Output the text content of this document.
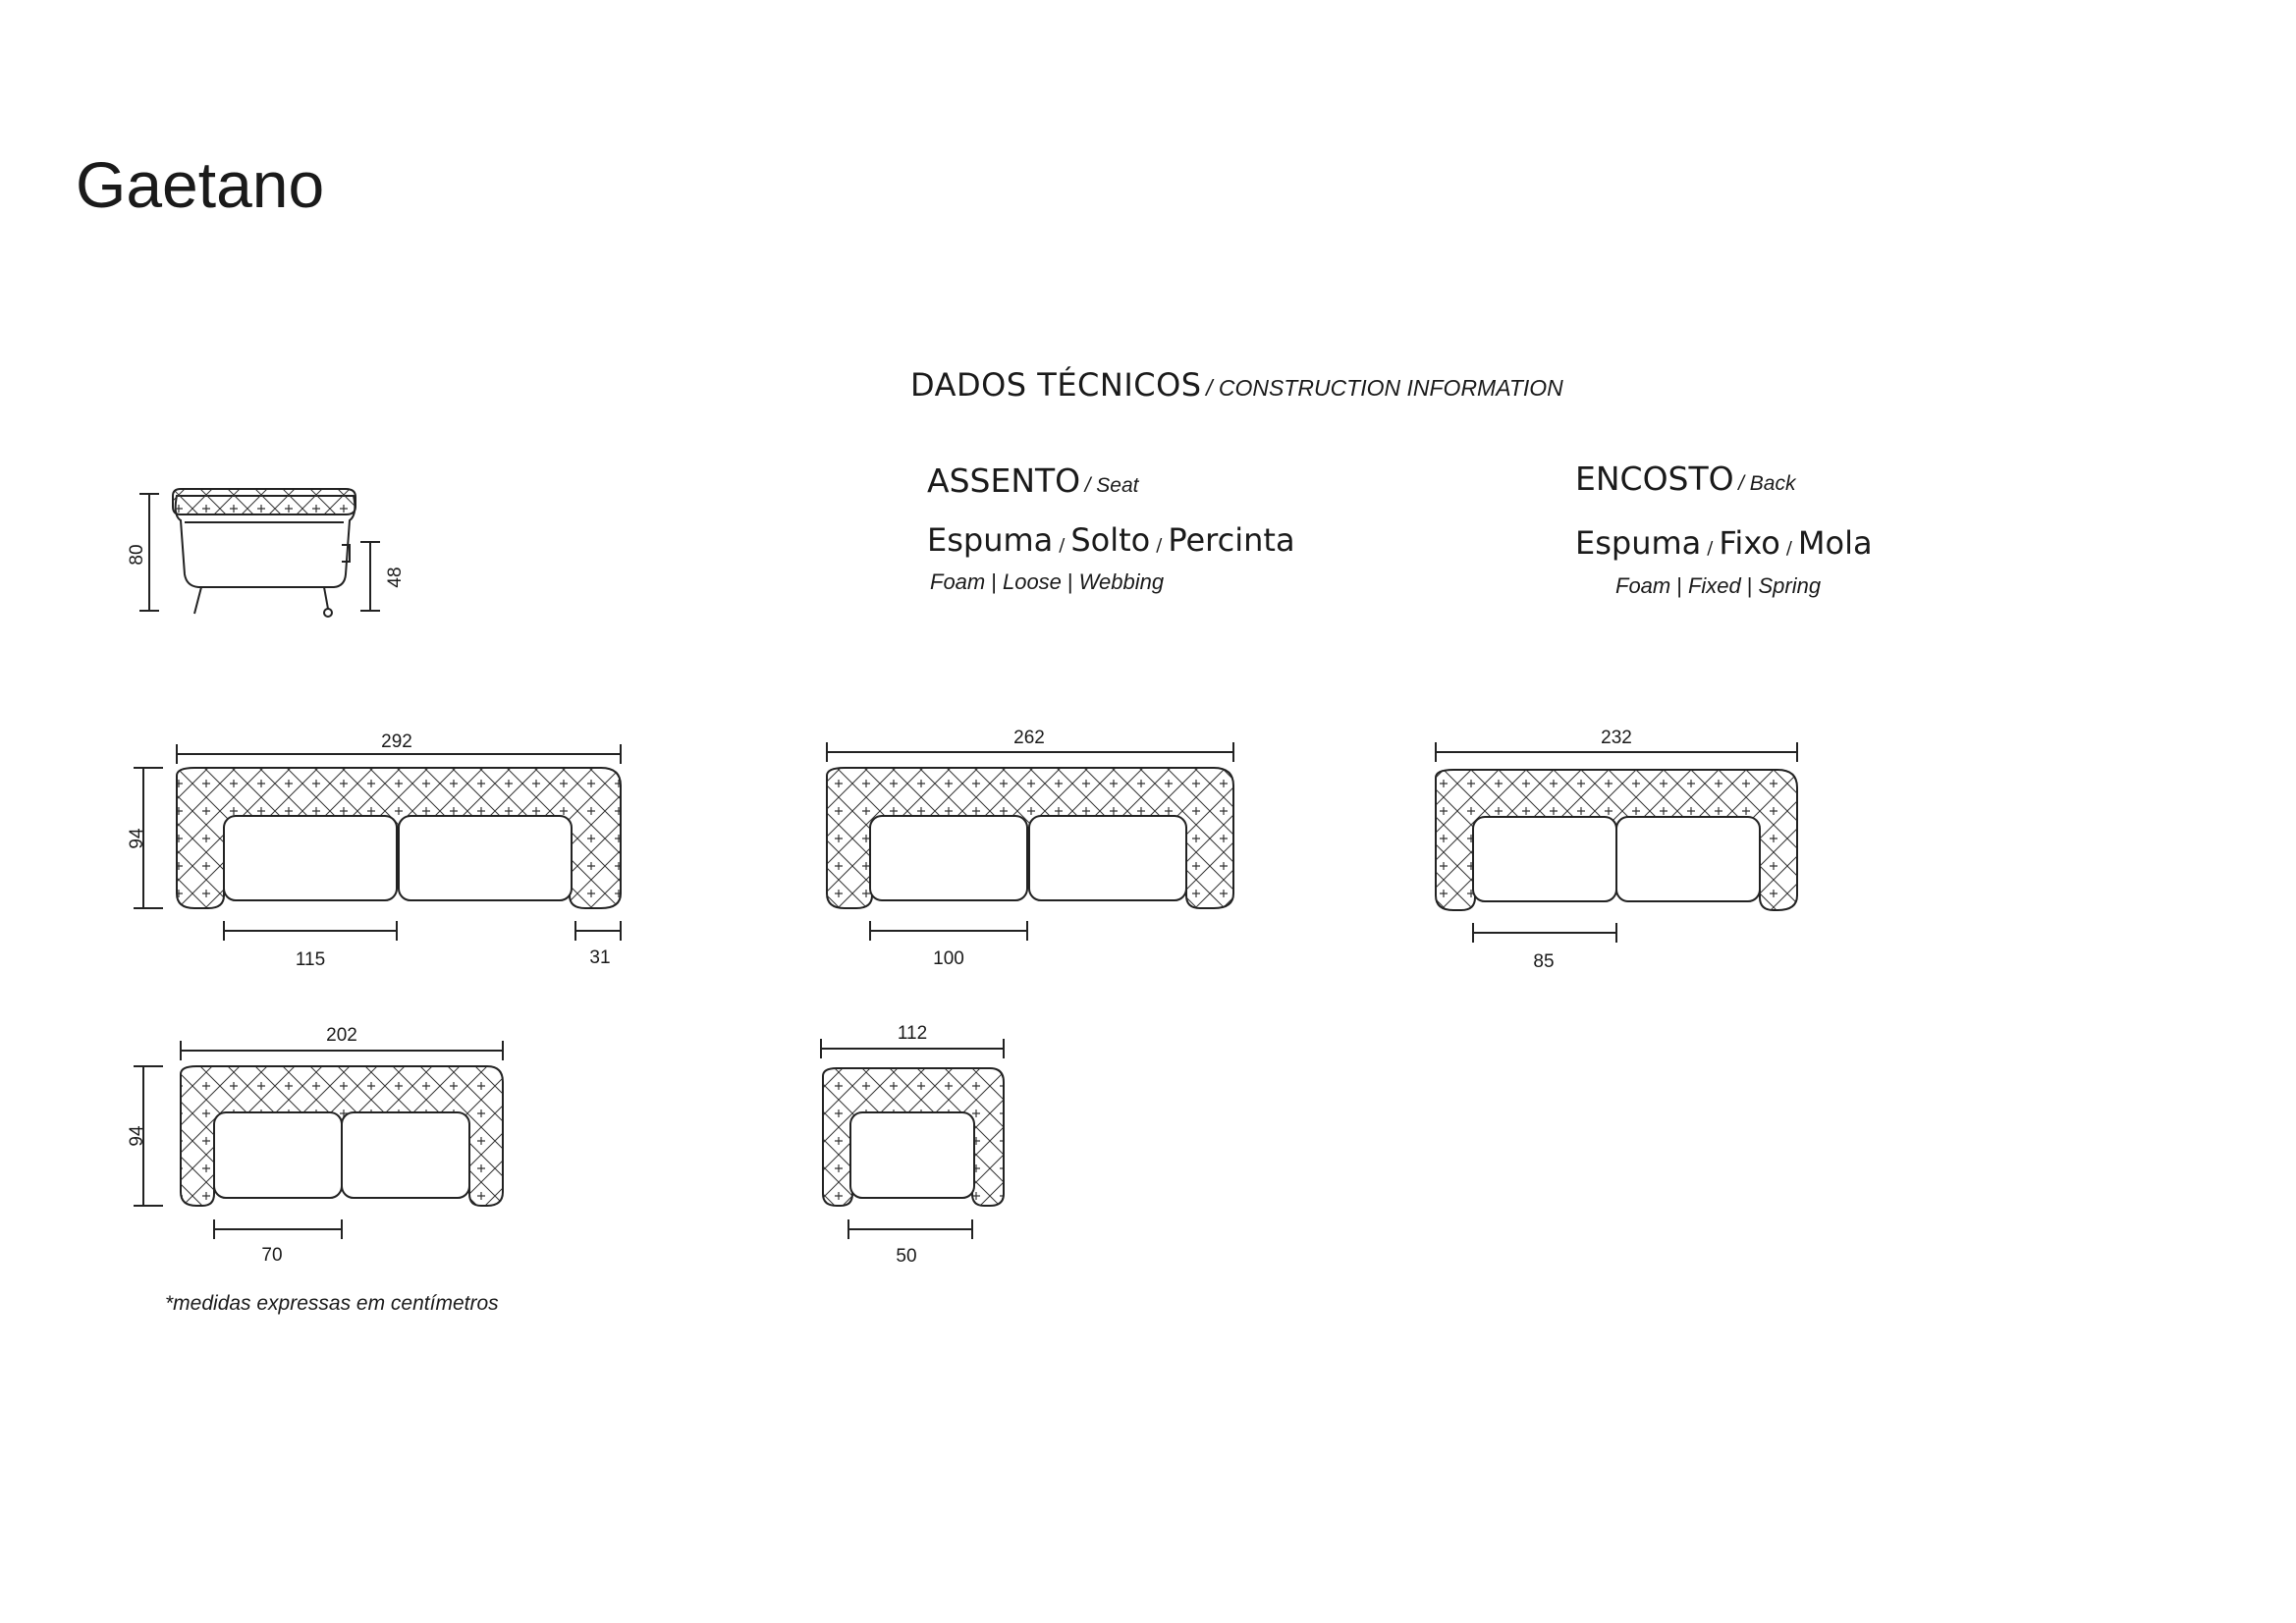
Gaetano
DADOS TÉCNICOS / CONSTRUCTION INFORMATION
ASSENTO / Seat
Espuma / Solto / Percinta
Foam | Loose | Webbing
ENCOSTO / Back
Espuma / Fixo / Mola
Foam | Fixed | Spring
80
48
292
94
115	31
262
100
232
85
202
94
70
112
50
*medidas expressas em centímetros
